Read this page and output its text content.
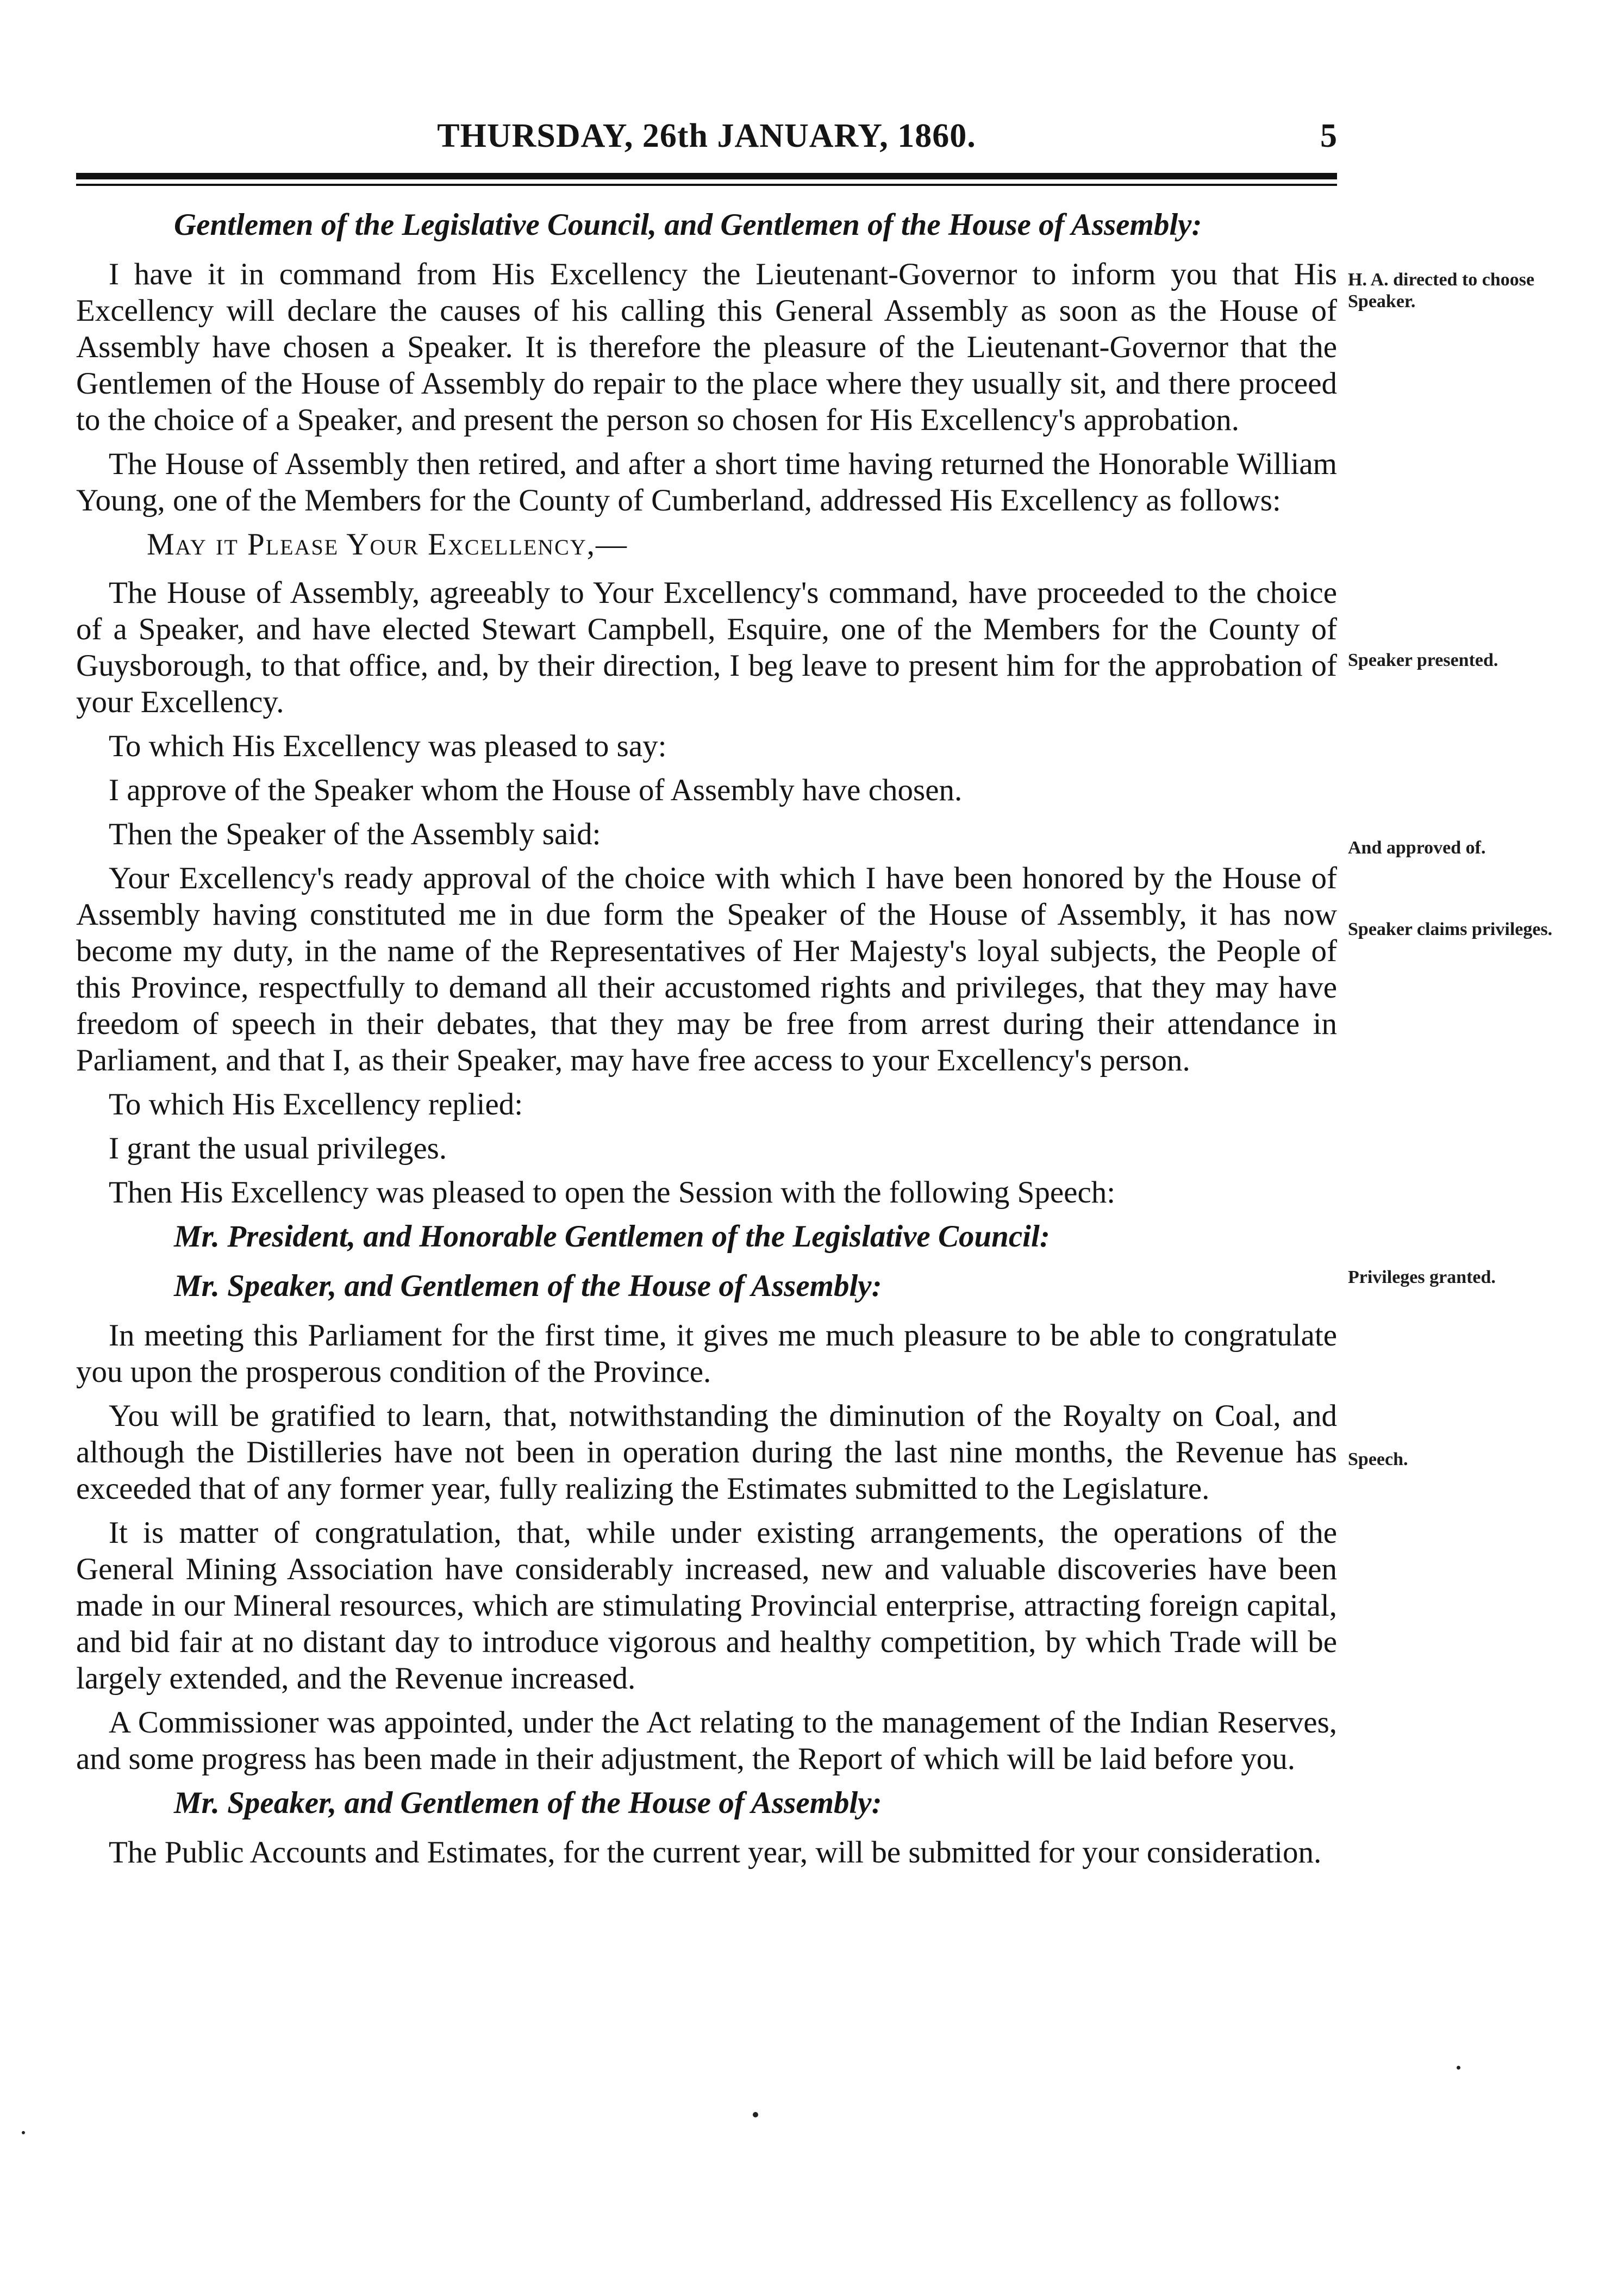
THURSDAY, 26th JANUARY, 1860.	5
Gentlemen of the Legislative Council, and Gentlemen of the House of Assembly:

I have it in command from His Excellency the Lieutenant-Governor to inform you that His Excellency will declare the causes of his calling this General Assembly as soon as the House of Assembly have chosen a Speaker. It is therefore the pleasure of the Lieutenant-Governor that the Gentlemen of the House of Assembly do repair to the place where they usually sit, and there proceed to the choice of a Speaker, and present the person so chosen for His Excellency's approbation.

The House of Assembly then retired, and after a short time having returned the Honorable William Young, one of the Members for the County of Cumberland, addressed His Excellency as follows:

May it Please Your Excellency,—

The House of Assembly, agreeably to Your Excellency's command, have proceeded to the choice of a Speaker, and have elected Stewart Campbell, Esquire, one of the Members for the County of Guysborough, to that office, and, by their direction, I beg leave to present him for the approbation of your Excellency.

To which His Excellency was pleased to say:

I approve of the Speaker whom the House of Assembly have chosen.

Then the Speaker of the Assembly said:

Your Excellency's ready approval of the choice with which I have been honored by the House of Assembly having constituted me in due form the Speaker of the House of Assembly, it has now become my duty, in the name of the Representatives of Her Majesty's loyal subjects, the People of this Province, respectfully to demand all their accustomed rights and privileges, that they may have freedom of speech in their debates, that they may be free from arrest during their attendance in Parliament, and that I, as their Speaker, may have free access to your Excellency's person.

To which His Excellency replied:

I grant the usual privileges.

Then His Excellency was pleased to open the Session with the following Speech:

Mr. President, and Honorable Gentlemen of the Legislative Council:
Mr. Speaker, and Gentlemen of the House of Assembly:

In meeting this Parliament for the first time, it gives me much pleasure to be able to congratulate you upon the prosperous condition of the Province.

You will be gratified to learn, that, notwithstanding the diminution of the Royalty on Coal, and although the Distilleries have not been in operation during the last nine months, the Revenue has exceeded that of any former year, fully realizing the Estimates submitted to the Legislature.

It is matter of congratulation, that, while under existing arrangements, the operations of the General Mining Association have considerably increased, new and valuable discoveries have been made in our Mineral resources, which are stimulating Provincial enterprise, attracting foreign capital, and bid fair at no distant day to introduce vigorous and healthy competition, by which Trade will be largely extended, and the Revenue increased.

A Commissioner was appointed, under the Act relating to the management of the Indian Reserves, and some progress has been made in their adjustment, the Report of which will be laid before you.

Mr. Speaker, and Gentlemen of the House of Assembly:

The Public Accounts and Estimates, for the current year, will be submitted for your consideration.

H. A. directed to choose Speaker.
Speaker presented.
And approved of.
Speaker claims privileges.
Privileges granted.
Speech.
